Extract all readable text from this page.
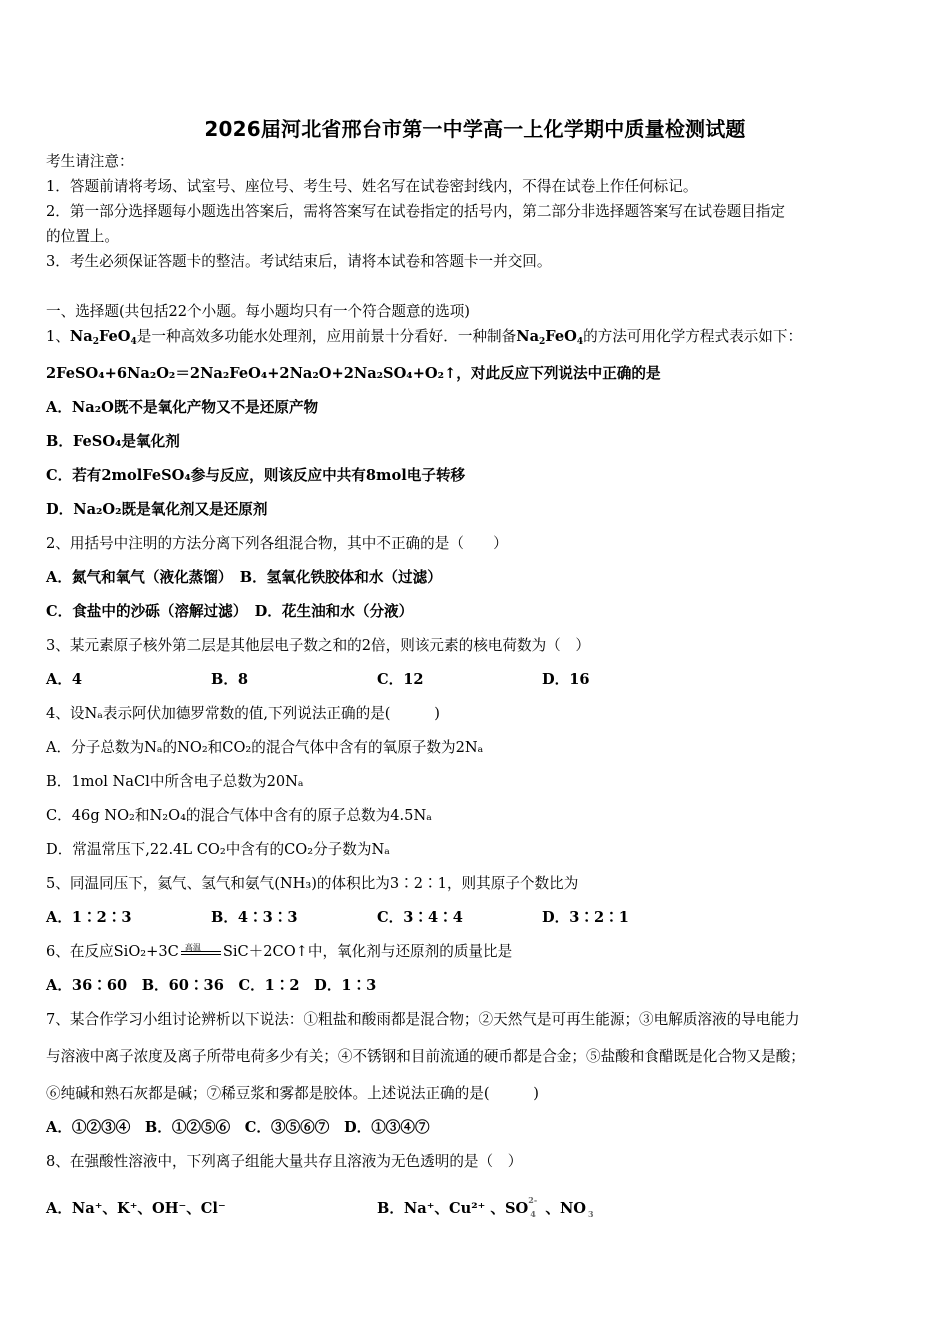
2026届河北省邢台市第一中学高一上化学期中质量检测试题
考生请注意：
1．答题前请将考场、试室号、座位号、考生号、姓名写在试卷密封线内，不得在试卷上作任何标记。
2．第一部分选择题每小题选出答案后，需将答案写在试卷指定的括号内，第二部分非选择题答案写在试卷题目指定
的位置上。
3．考生必须保证答题卡的整洁。考试结束后，请将本试卷和答题卡一并交回。
一、选择题(共包括22个小题。每小题均只有一个符合题意的选项)
1、$Na_2FeO_4$是一种高效多功能水处理剂，应用前景十分看好．一种制备$Na_2FeO_4$的方法可用化学方程式表示如下：
2FeSO₄+6Na₂O₂＝2Na₂FeO₄+2Na₂O+2Na₂SO₄+O₂↑，对此反应下列说法中正确的是
A．Na₂O既不是氧化产物又不是还原产物
B．FeSO₄是氧化剂
C．若有2molFeSO₄参与反应，则该反应中共有8mol电子转移
D．Na₂O₂既是氧化剂又是还原剂
2、用括号中注明的方法分离下列各组混合物，其中不正确的是（　　）
A．氮气和氧气（液化蒸馏）　B．氢氧化铁胶体和水（过滤）
C．食盐中的沙砾（溶解过滤）　D．花生油和水（分液）
3、某元素原子核外第二层是其他层电子数之和的2倍，则该元素的核电荷数为（　）
A．4	B．8	C．12	D．16
4、设Nₐ表示阿伏加德罗常数的值,下列说法正确的是(　　　)
A．分子总数为Nₐ的NO₂和CO₂的混合气体中含有的氧原子数为2Nₐ
B．1mol NaCl中所含电子总数为20Nₐ
C．46g NO₂和N₂O₄的混合气体中含有的原子总数为4.5Nₐ
D．常温常压下,22.4L CO₂中含有的CO₂分子数为Nₐ
5、同温同压下，氦气、氢气和氨气(NH₃)的体积比为3∶2∶1，则其原子个数比为
A．1∶2∶3	B．4∶3∶3	C．3∶4∶4	D．3∶2∶1
6、在反应SiO₂+3C 高温 SiC＋2CO↑中，氧化剂与还原剂的质量比是
A．36∶60　B．60∶36　C．1∶2　D．1∶3
7、某合作学习小组讨论辨析以下说法：①粗盐和酸雨都是混合物；②天然气是可再生能源；③电解质溶液的导电能力
与溶液中离子浓度及离子所带电荷多少有关；④不锈钢和目前流通的硬币都是合金；⑤盐酸和食醋既是化合物又是酸；
⑥纯碱和熟石灰都是碱；⑦稀豆浆和雾都是胶体。上述说法正确的是(　　　)
A．①②③④　B．①②⑤⑥　C．③⑤⑥⑦　D．①③④⑦
8、在强酸性溶液中，下列离子组能大量共存且溶液为无色透明的是（　）
A．Na⁺、K⁺、OH⁻、Cl⁻	B．Na⁺、Cu²⁺ 、SO 2-
4 、NO 3
